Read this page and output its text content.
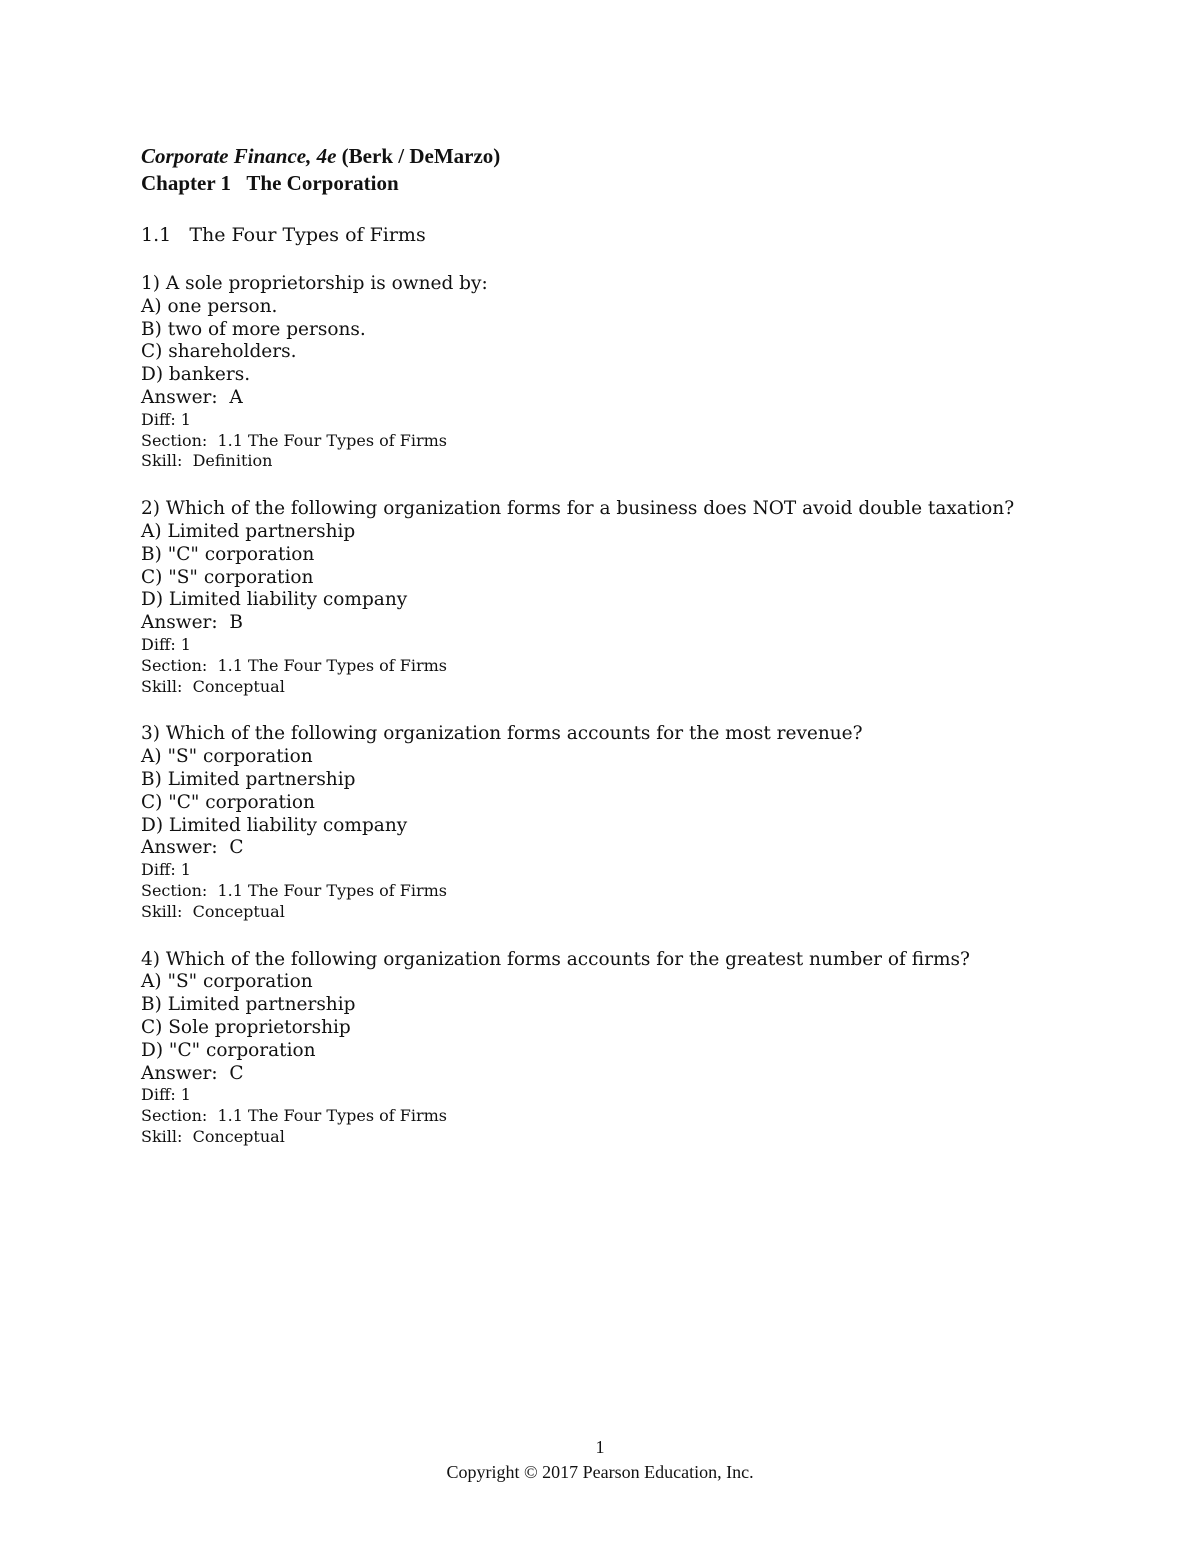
Corporate Finance, 4e (Berk / DeMarzo)
Chapter 1   The Corporation
1.1   The Four Types of Firms
1) A sole proprietorship is owned by:
A) one person.
B) two of more persons.
C) shareholders.
D) bankers.
Answer:  A
Diff: 1
Section:  1.1 The Four Types of Firms
Skill:  Definition
2) Which of the following organization forms for a business does NOT avoid double taxation?
A) Limited partnership
B) "C" corporation
C) "S" corporation
D) Limited liability company
Answer:  B
Diff: 1
Section:  1.1 The Four Types of Firms
Skill:  Conceptual
3) Which of the following organization forms accounts for the most revenue?
A) "S" corporation
B) Limited partnership
C) "C" corporation
D) Limited liability company
Answer:  C
Diff: 1
Section:  1.1 The Four Types of Firms
Skill:  Conceptual
4) Which of the following organization forms accounts for the greatest number of firms?
A) "S" corporation
B) Limited partnership
C) Sole proprietorship
D) "C" corporation
Answer:  C
Diff: 1
Section:  1.1 The Four Types of Firms
Skill:  Conceptual
1
Copyright © 2017 Pearson Education, Inc.
